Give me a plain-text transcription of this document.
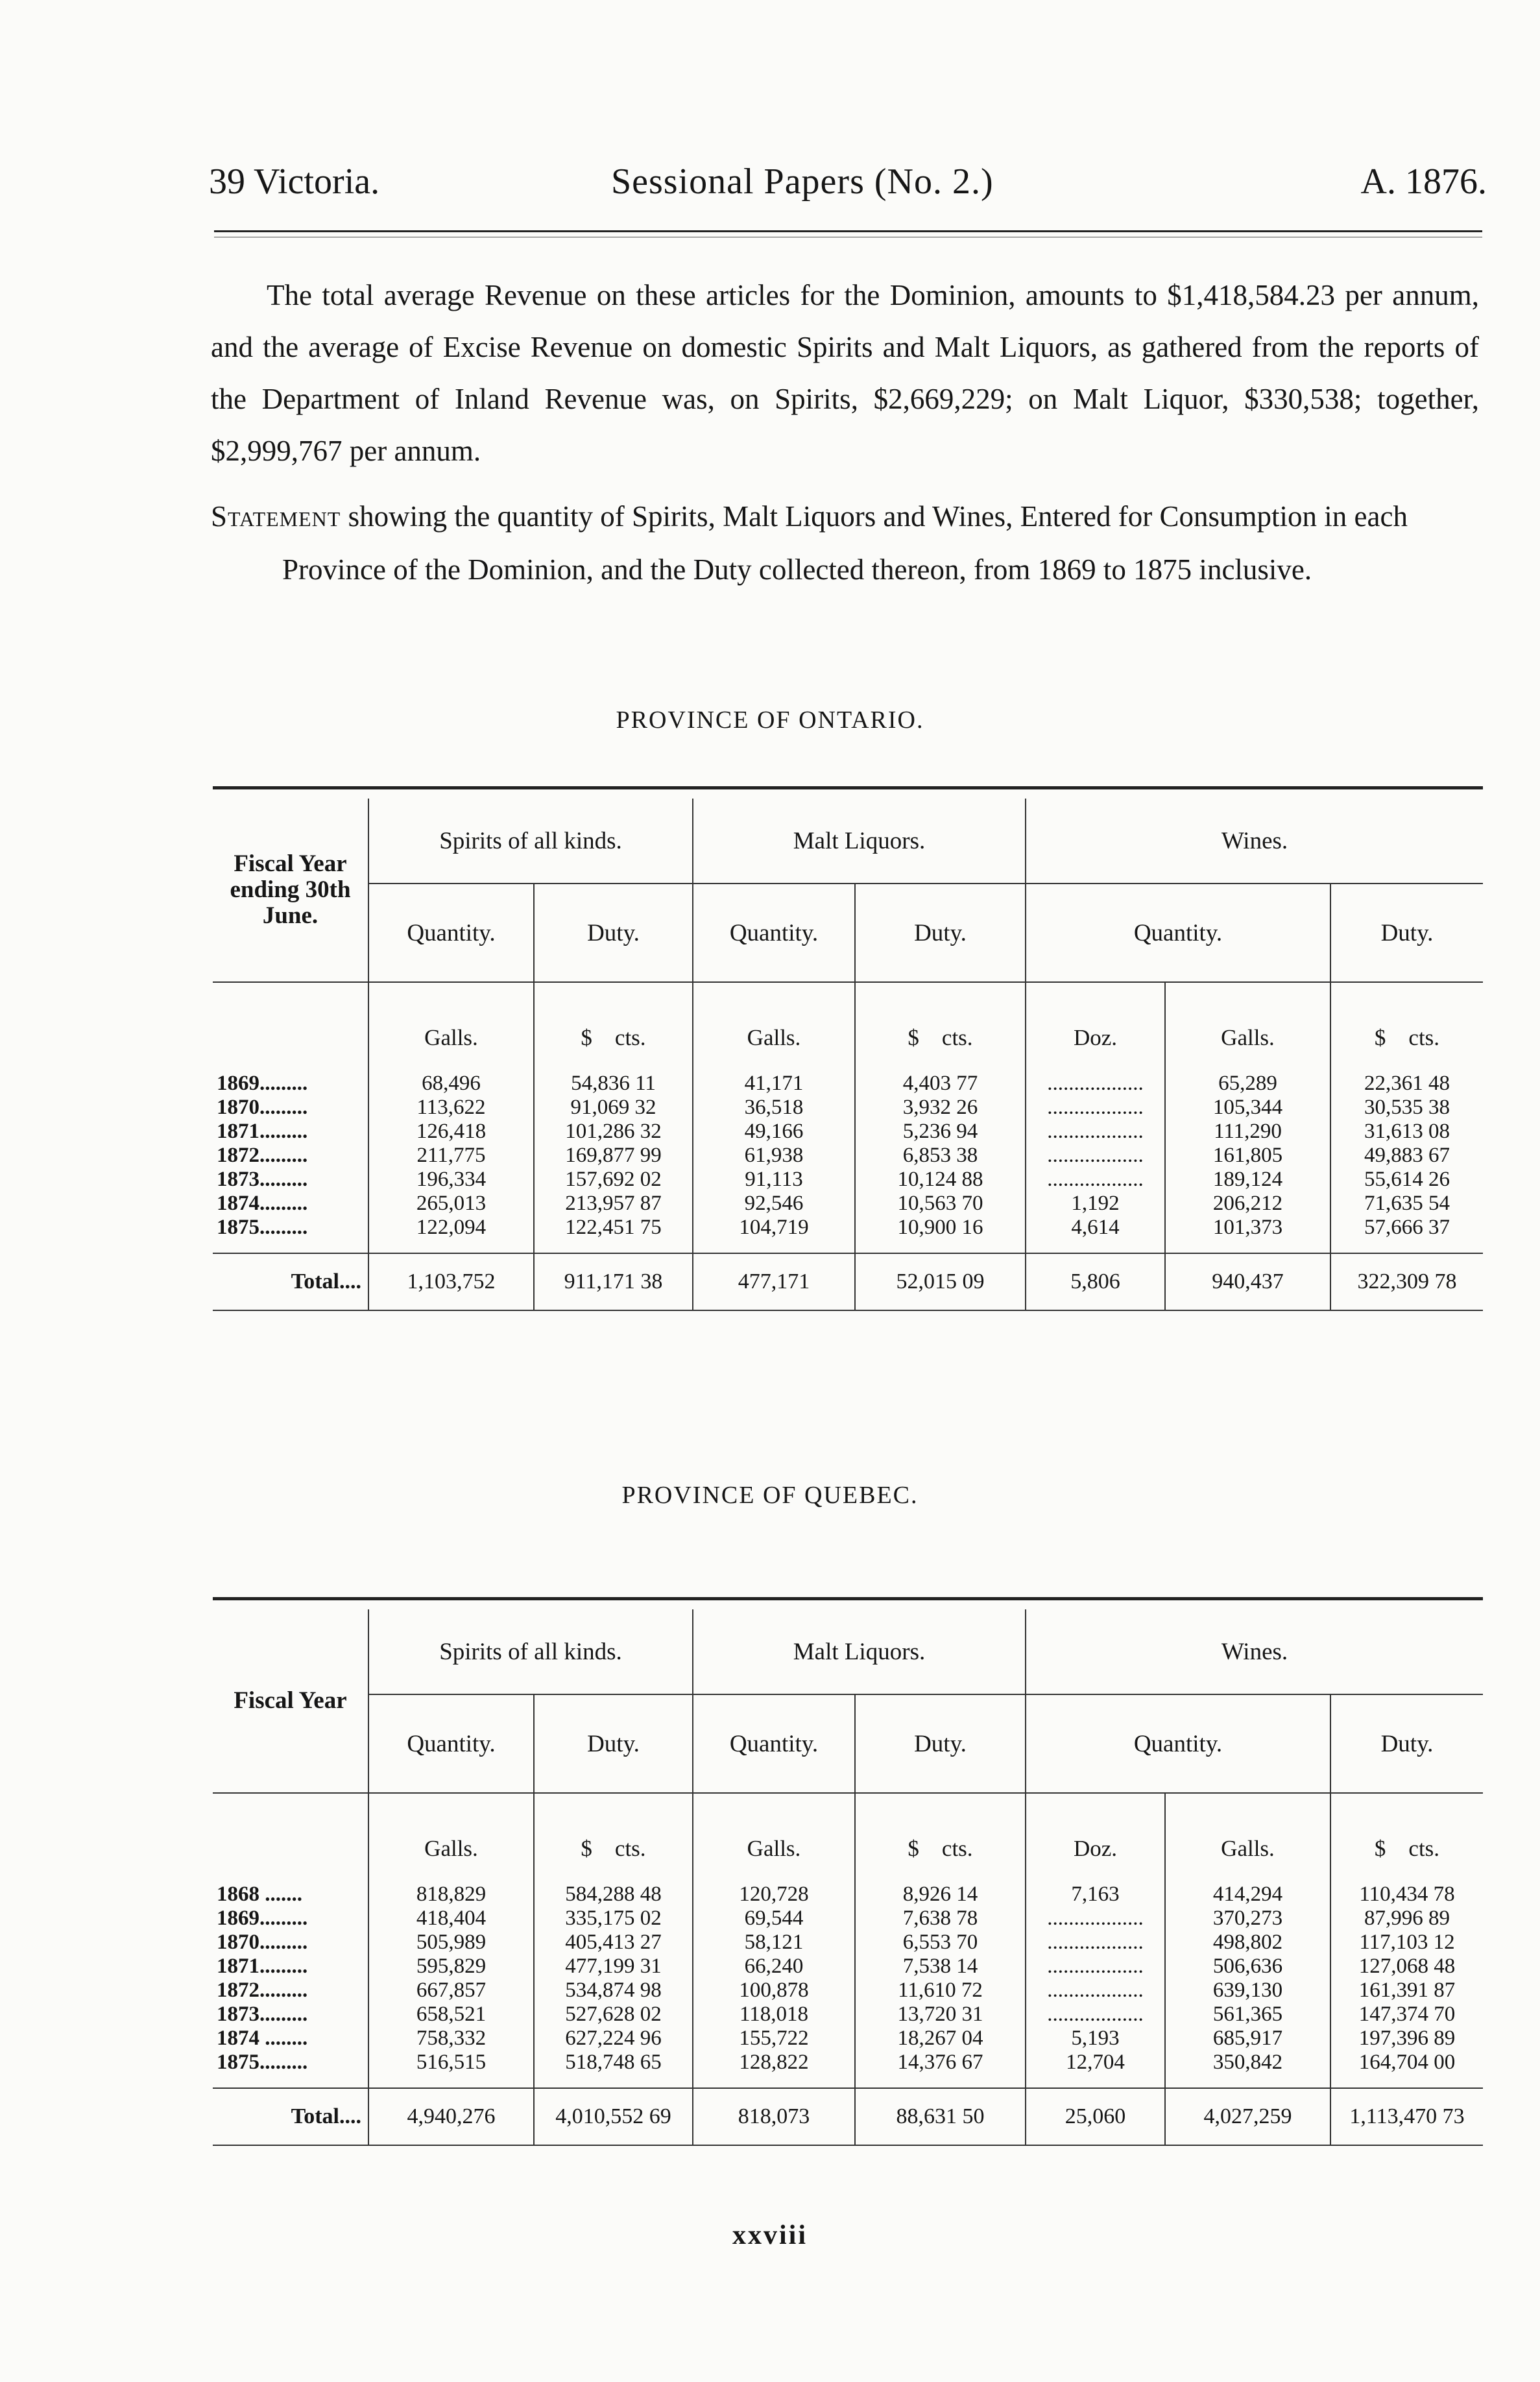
39 Victoria.	Sessional Papers (No. 2.)	A. 1876.

The total average Revenue on these articles for the Dominion, amounts to $1,418,584.23 per annum, and the average of Excise Revenue on domestic Spirits and Malt Liquors, as gathered from the reports of the Department of Inland Revenue was, on Spirits, $2,669,229; on Malt Liquor, $330,538; together, $2,999,767 per annum.

Statement showing the quantity of Spirits, Malt Liquors and Wines, Entered for Consumption in each Province of the Dominion, and the Duty collected thereon, from 1869 to 1875 inclusive.
PROVINCE OF ONTARIO.

Fiscal Year ending 30th June.	Spirits of all kinds.		Malt Liquors.		Wines.		
	Quantity.	Duty.	Quantity.	Duty.	Quantity.		Duty.
	Galls.	$ cts.	Galls.	$ cts.	Doz.	Galls.	$ cts.

1869.........	68,496	54,836 11	41,171	4,403 77	..................	65,289	22,361 48
1870.........	113,622	91,069 32	36,518	3,932 26	..................	105,344	30,535 38
1871.........	126,418	101,286 32	49,166	5,236 94	..................	111,290	31,613 08
1872.........	211,775	169,877 99	61,938	6,853 38	..................	161,805	49,883 67
1873.........	196,334	157,692 02	91,113	10,124 88	..................	189,124	55,614 26
1874.........	265,013	213,957 87	92,546	10,563 70	1,192	206,212	71,635 54
1875.........	122,094	122,451 75	104,719	10,900 16	4,614	101,373	57,666 37

Total....	1,103,752	911,171 38	477,171	52,015 09	5,806	940,437	322,309 78
PROVINCE OF QUEBEC.

Fiscal Year	Spirits of all kinds.		Malt Liquors.		Wines.		
	Quantity.	Duty.	Quantity.	Duty.	Quantity.		Duty.
	Galls.	$ cts.	Galls.	$ cts.	Doz.	Galls.	$ cts.

1868 .......	818,829	584,288 48	120,728	8,926 14	7,163	414,294	110,434 78
1869.........	418,404	335,175 02	69,544	7,638 78	..................	370,273	87,996 89
1870.........	505,989	405,413 27	58,121	6,553 70	..................	498,802	117,103 12
1871.........	595,829	477,199 31	66,240	7,538 14	..................	506,636	127,068 48
1872.........	667,857	534,874 98	100,878	11,610 72	..................	639,130	161,391 87
1873.........	658,521	527,628 02	118,018	13,720 31	..................	561,365	147,374 70
1874 ........	758,332	627,224 96	155,722	18,267 04	5,193	685,917	197,396 89
1875.........	516,515	518,748 65	128,822	14,376 67	12,704	350,842	164,704 00

Total....	4,940,276	4,010,552 69	818,073	88,631 50	25,060	4,027,259	1,113,470 73
xxviii
